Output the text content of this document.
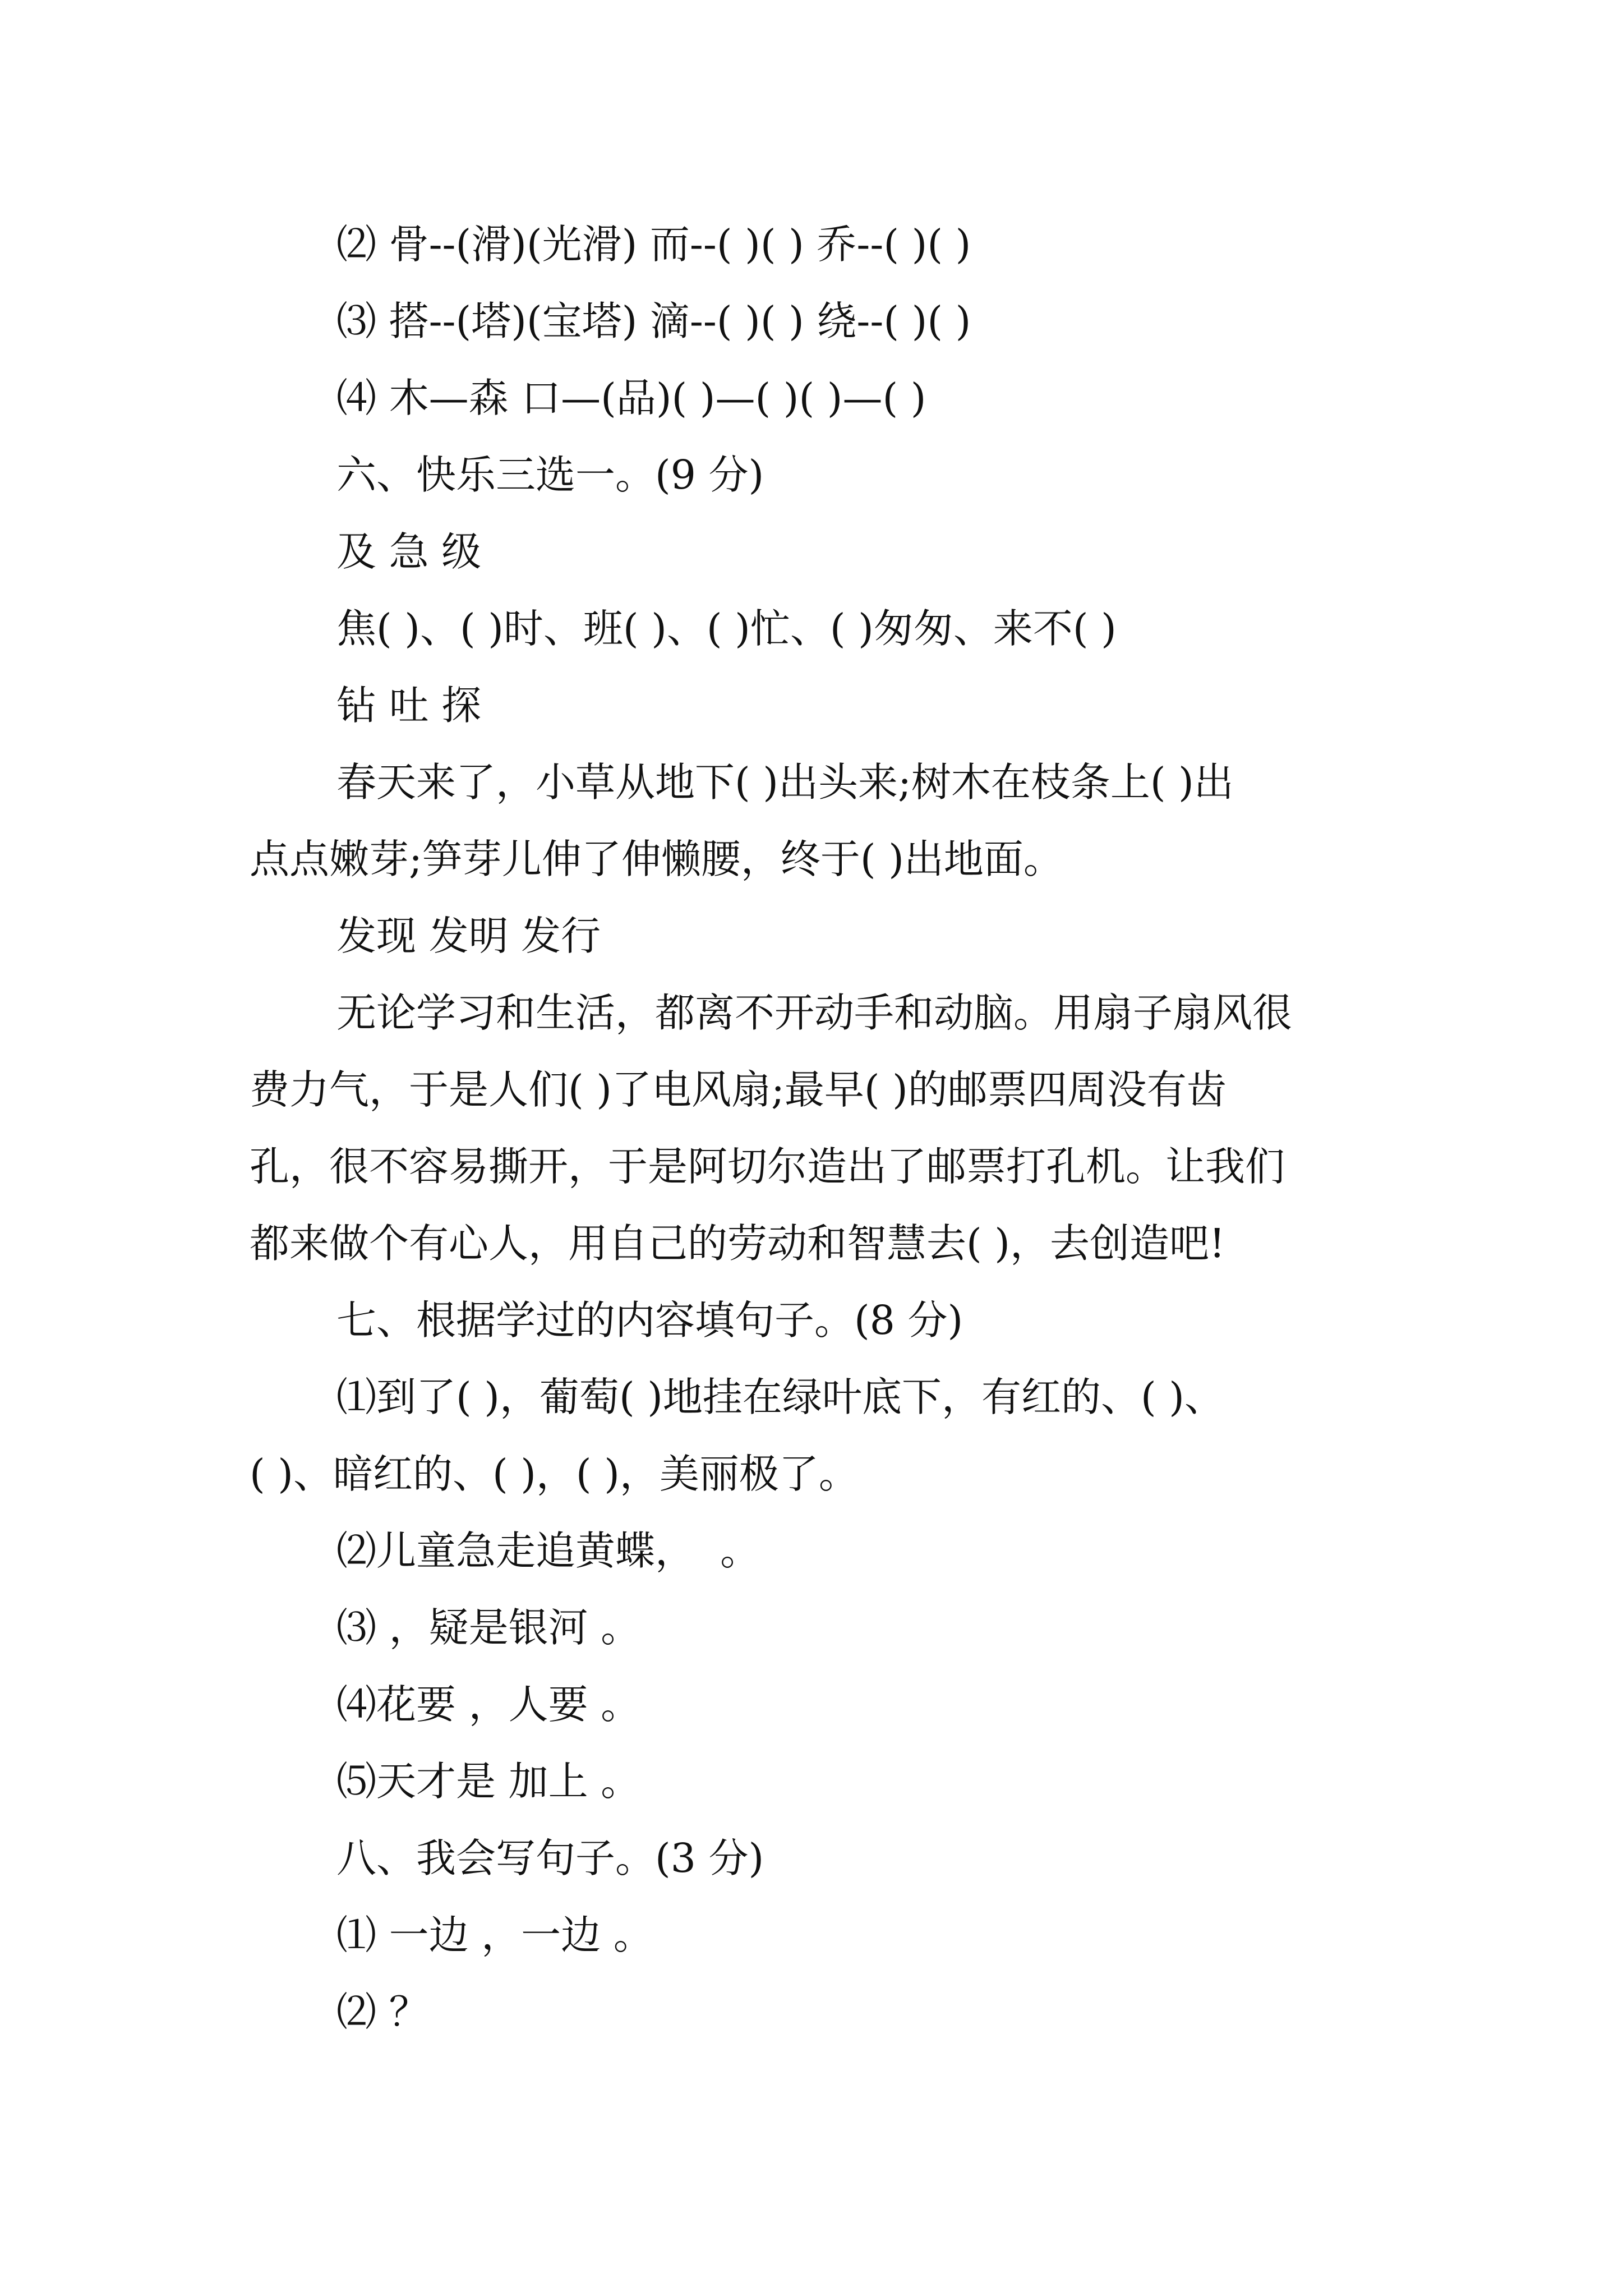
⑵ 骨--(滑)(光滑) 而--( )( ) 乔--( )( )
⑶ 搭--(塔)(宝塔) 滴--( )( ) 绕--( )( )
⑷ 木—森 口—(品)( )—( )( )—( )
六、快乐三选一。(9 分)
及 急 级
焦( )、( )时、班( )、( )忙、( )匆匆、来不( )
钻 吐 探
春天来了，小草从地下( )出头来;树木在枝条上( )出
点点嫩芽;笋芽儿伸了伸懒腰，终于( )出地面。
发现 发明 发行
无论学习和生活，都离不开动手和动脑。用扇子扇风很
费力气，于是人们( )了电风扇;最早( )的邮票四周没有齿
孔，很不容易撕开，于是阿切尔造出了邮票打孔机。让我们
都来做个有心人，用自己的劳动和智慧去( )，去创造吧!
七、根据学过的内容填句子。(8 分)
⑴到了( )，葡萄( )地挂在绿叶底下，有红的、( )、
( )、暗红的、( )，( )，美丽极了。
⑵儿童急走追黄蝶，  。
⑶ ，疑是银河 。
⑷花要 ，人要 。
⑸天才是 加上 。
八、我会写句子。(3 分)
⑴ 一边 ，一边 。
⑵ ？
